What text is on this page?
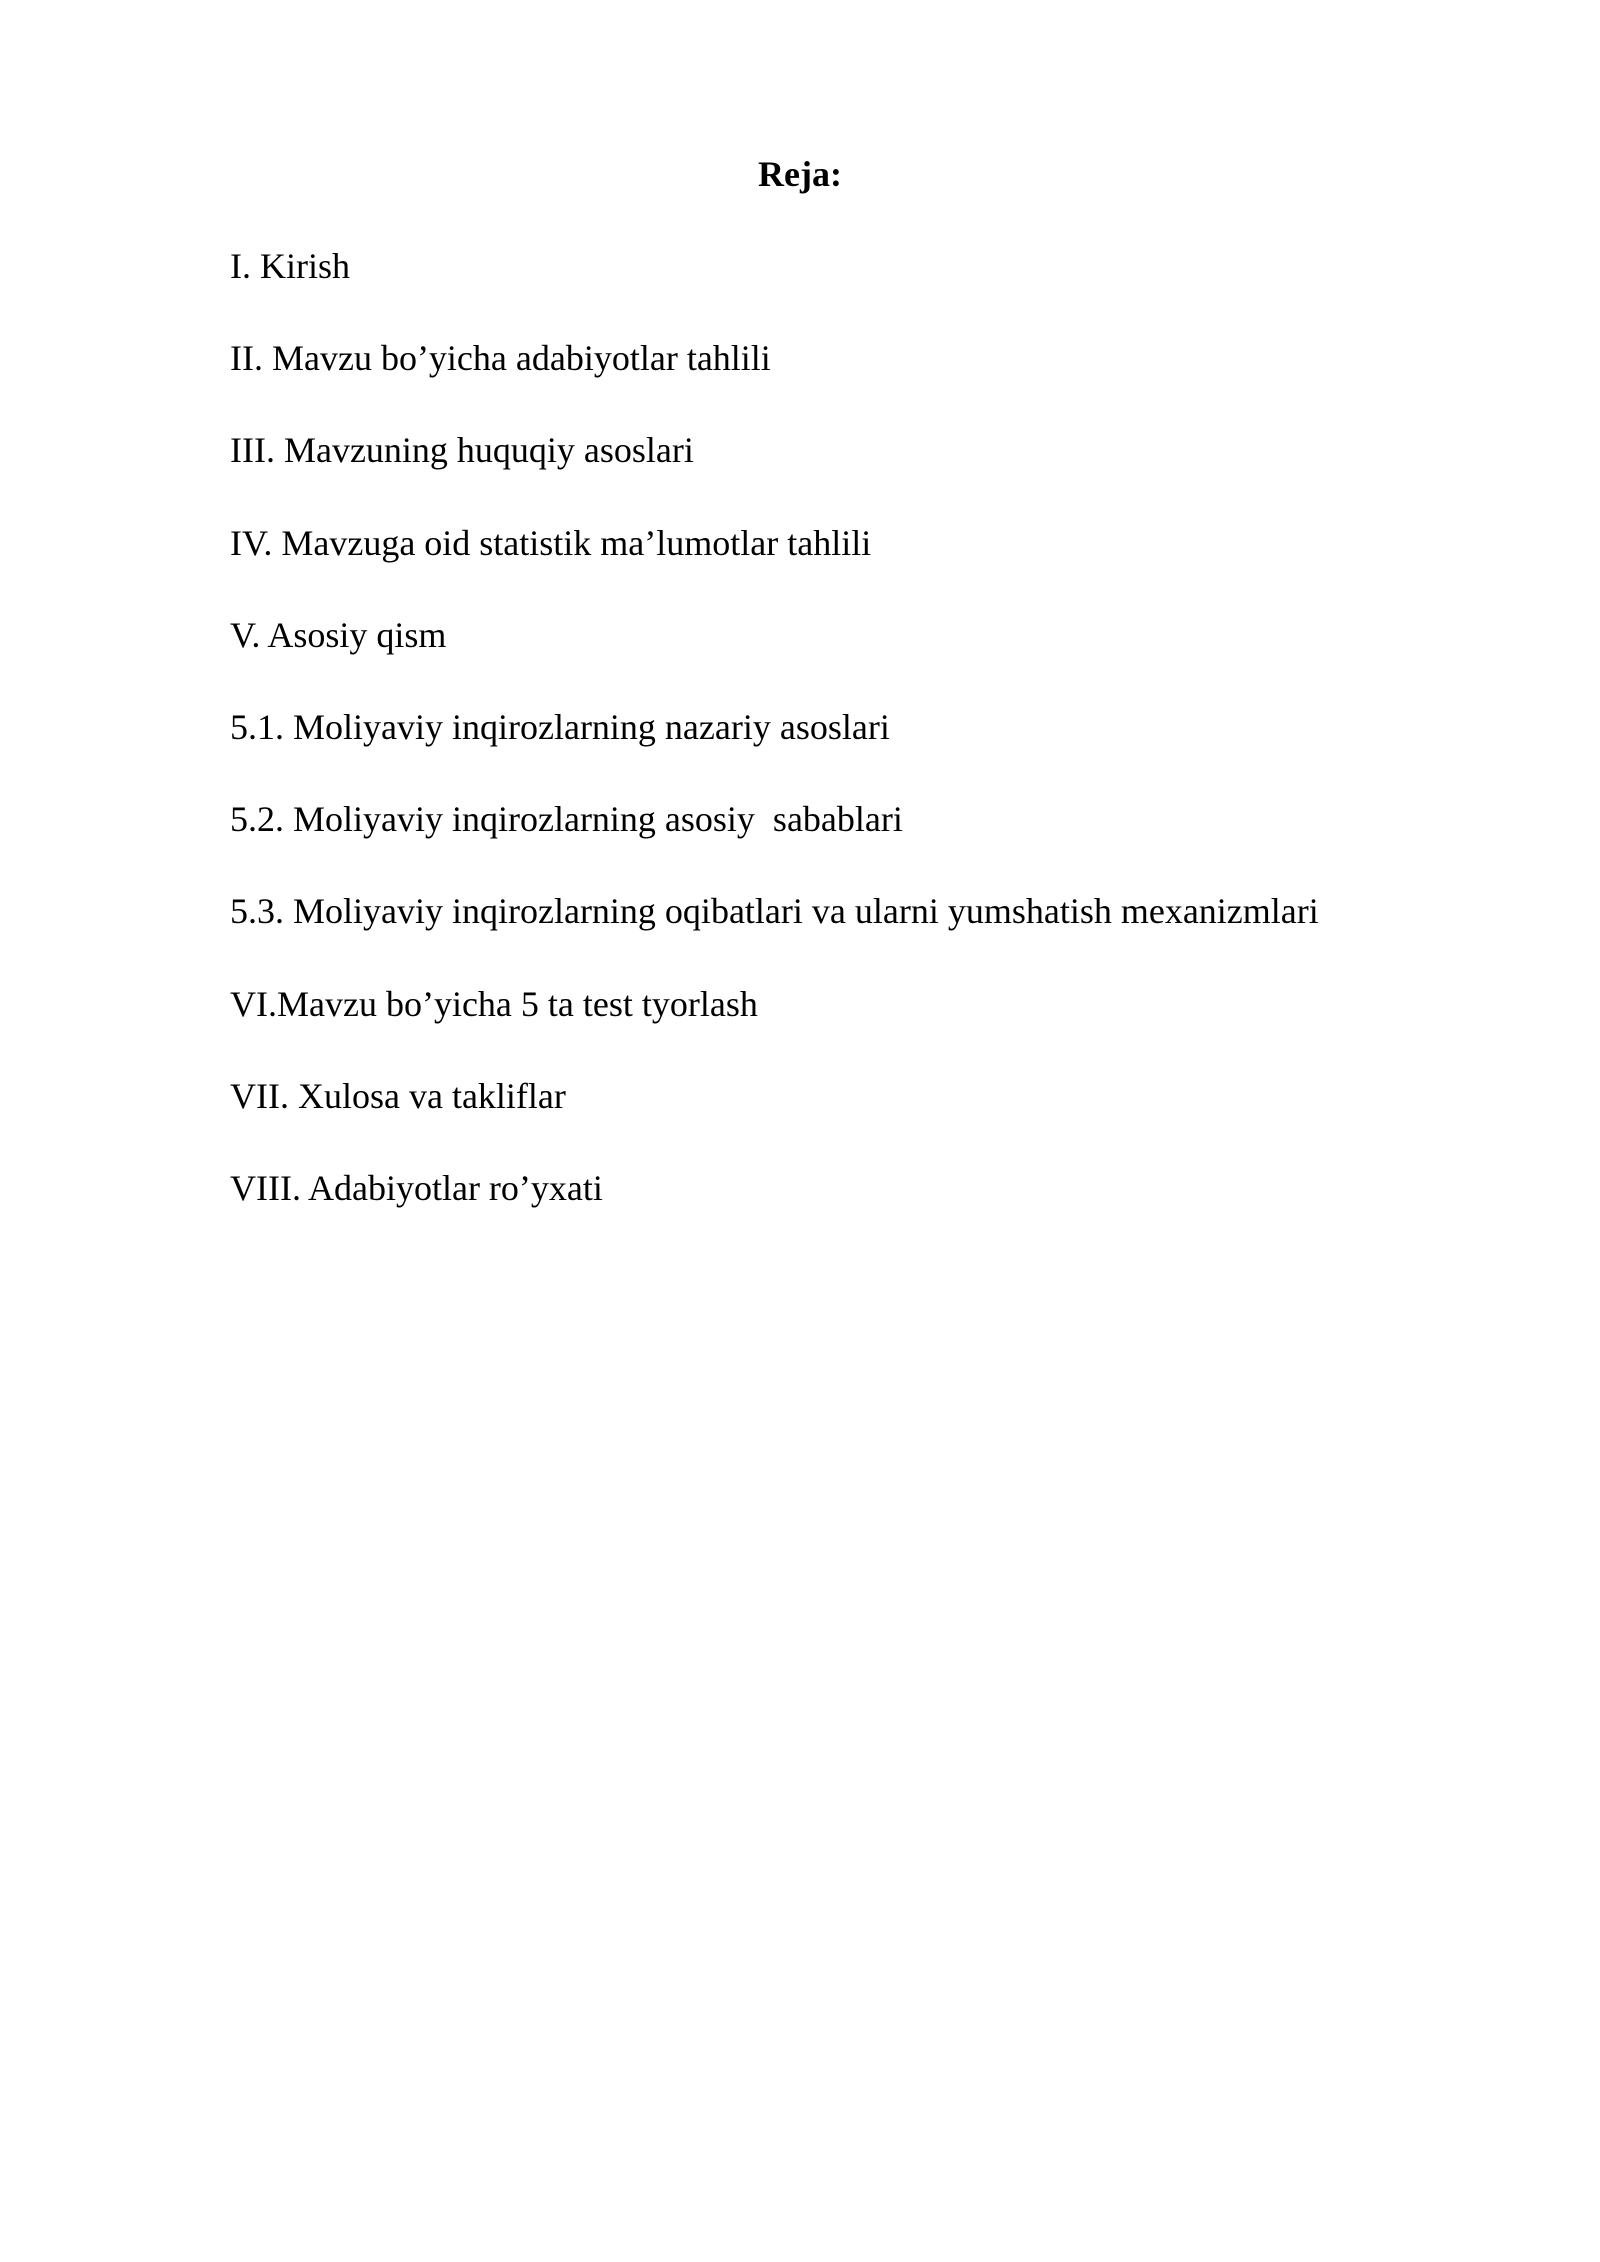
Reja:
I. Kirish
II. Mavzu bo’yicha adabiyotlar tahlili
III. Mavzuning huquqiy asoslari
IV. Mavzuga oid statistik ma’lumotlar tahlili
V. Asosiy qism
5.1. Moliyaviy inqirozlarning nazariy asoslari
5.2. Moliyaviy inqirozlarning asosiy  sabablari
5.3. Moliyaviy inqirozlarning oqibatlari va ularni yumshatish mexanizmlari
VI.Mavzu bo’yicha 5 ta test tyorlash
VII. Xulosa va takliflar
VIII. Adabiyotlar ro’yxati
